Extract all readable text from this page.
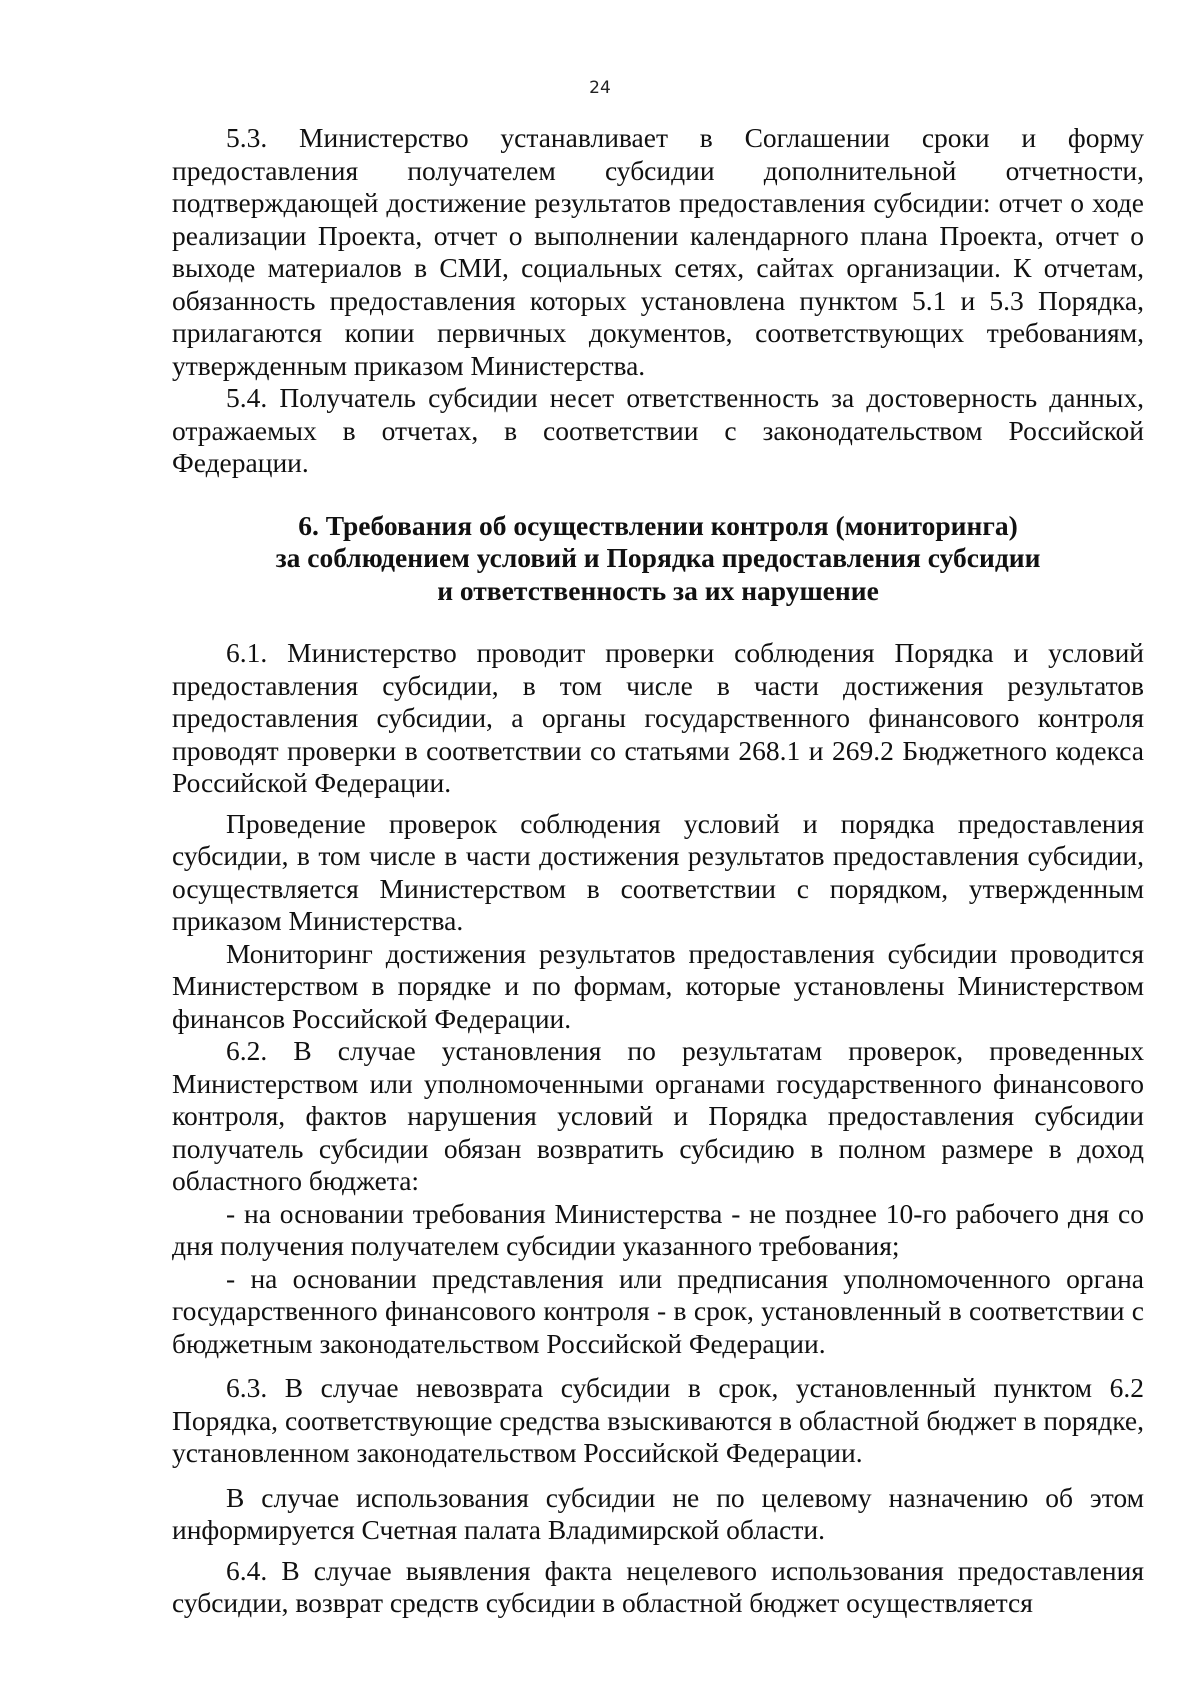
24

5.3. Министерство устанавливает в Соглашении сроки и форму предоставления получателем субсидии дополнительной отчетности, подтверждающей достижение результатов предоставления субсидии: отчет о ходе реализации Проекта, отчет о выполнении календарного плана Проекта, отчет о выходе материалов в СМИ, социальных сетях, сайтах организации. К отчетам, обязанность предоставления которых установлена пунктом 5.1 и 5.3 Порядка, прилагаются копии первичных документов, соответствующих требованиям, утвержденным приказом Министерства.

5.4. Получатель субсидии несет ответственность за достоверность данных, отражаемых в отчетах, в соответствии с законодательством Российской Федерации.

6. Требования об осуществлении контроля (мониторинга)
за соблюдением условий и Порядка предоставления субсидии
и ответственность за их нарушение

6.1. Министерство проводит проверки соблюдения Порядка и условий предоставления субсидии, в том числе в части достижения результатов предоставления субсидии, а органы государственного финансового контроля проводят проверки в соответствии со статьями 268.1 и 269.2 Бюджетного кодекса Российской Федерации.

Проведение проверок соблюдения условий и порядка предоставления субсидии, в том числе в части достижения результатов предоставления субсидии, осуществляется Министерством в соответствии с порядком, утвержденным приказом Министерства.

Мониторинг достижения результатов предоставления субсидии проводится Министерством в порядке и по формам, которые установлены Министерством финансов Российской Федерации.

6.2. В случае установления по результатам проверок, проведенных Министерством или уполномоченными органами государственного финансового контроля, фактов нарушения условий и Порядка предоставления субсидии получатель субсидии обязан возвратить субсидию в полном размере в доход областного бюджета:

- на основании требования Министерства - не позднее 10-го рабочего дня со дня получения получателем субсидии указанного требования;

- на основании представления или предписания уполномоченного органа государственного финансового контроля - в срок, установленный в соответствии с бюджетным законодательством Российской Федерации.

6.3. В случае невозврата субсидии в срок, установленный пунктом 6.2 Порядка, соответствующие средства взыскиваются в областной бюджет в порядке, установленном законодательством Российской Федерации.

В случае использования субсидии не по целевому назначению об этом информируется Счетная палата Владимирской области.

6.4. В случае выявления факта нецелевого использования предоставления субсидии, возврат средств субсидии в областной бюджет осуществляется
